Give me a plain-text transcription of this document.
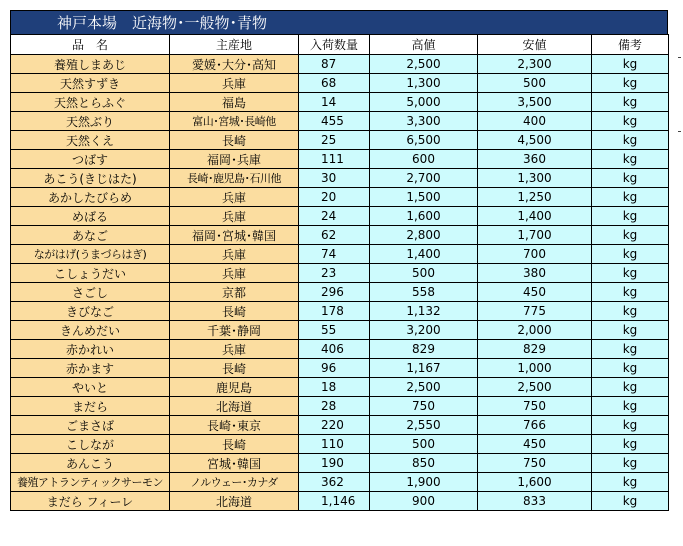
神戸本場　近海物･一般物･青物
品　名	主産地	入荷数量	高値	安値	備考
養殖しまあじ	愛媛･大分･高知	87	2,500	2,300	kg
天然すずき	兵庫	68	1,300	500	kg
天然とらふぐ	福島	14	5,000	3,500	kg
天然ぶり	富山･宮城･長崎他	455	3,300	400	kg
天然くえ	長崎	25	6,500	4,500	kg
つばす	福岡･兵庫	111	600	360	kg
あこう(きじはた)	長崎･鹿児島･石川他	30	2,700	1,300	kg
あかしたびらめ	兵庫	20	1,500	1,250	kg
めばる	兵庫	24	1,600	1,400	kg
あなご	福岡･宮城･韓国	62	2,800	1,700	kg
ながはげ(うまづらはぎ)	兵庫	74	1,400	700	kg
こしょうだい	兵庫	23	500	380	kg
さごし	京都	296	558	450	kg
きびなご	長崎	178	1,132	775	kg
きんめだい	千葉･静岡	55	3,200	2,000	kg
赤かれい	兵庫	406	829	829	kg
赤かます	長崎	96	1,167	1,000	kg
やいと	鹿児島	18	2,500	2,500	kg
まだら	北海道	28	750	750	kg
ごまさば	長崎･東京	220	2,550	766	kg
こしなが	長崎	110	500	450	kg
あんこう	宮城･韓国	190	850	750	kg
養殖アトランティックサーモン	ノルウェー･カナダ	362	1,900	1,600	kg
まだら フィーレ	北海道	1,146	900	833	kg
